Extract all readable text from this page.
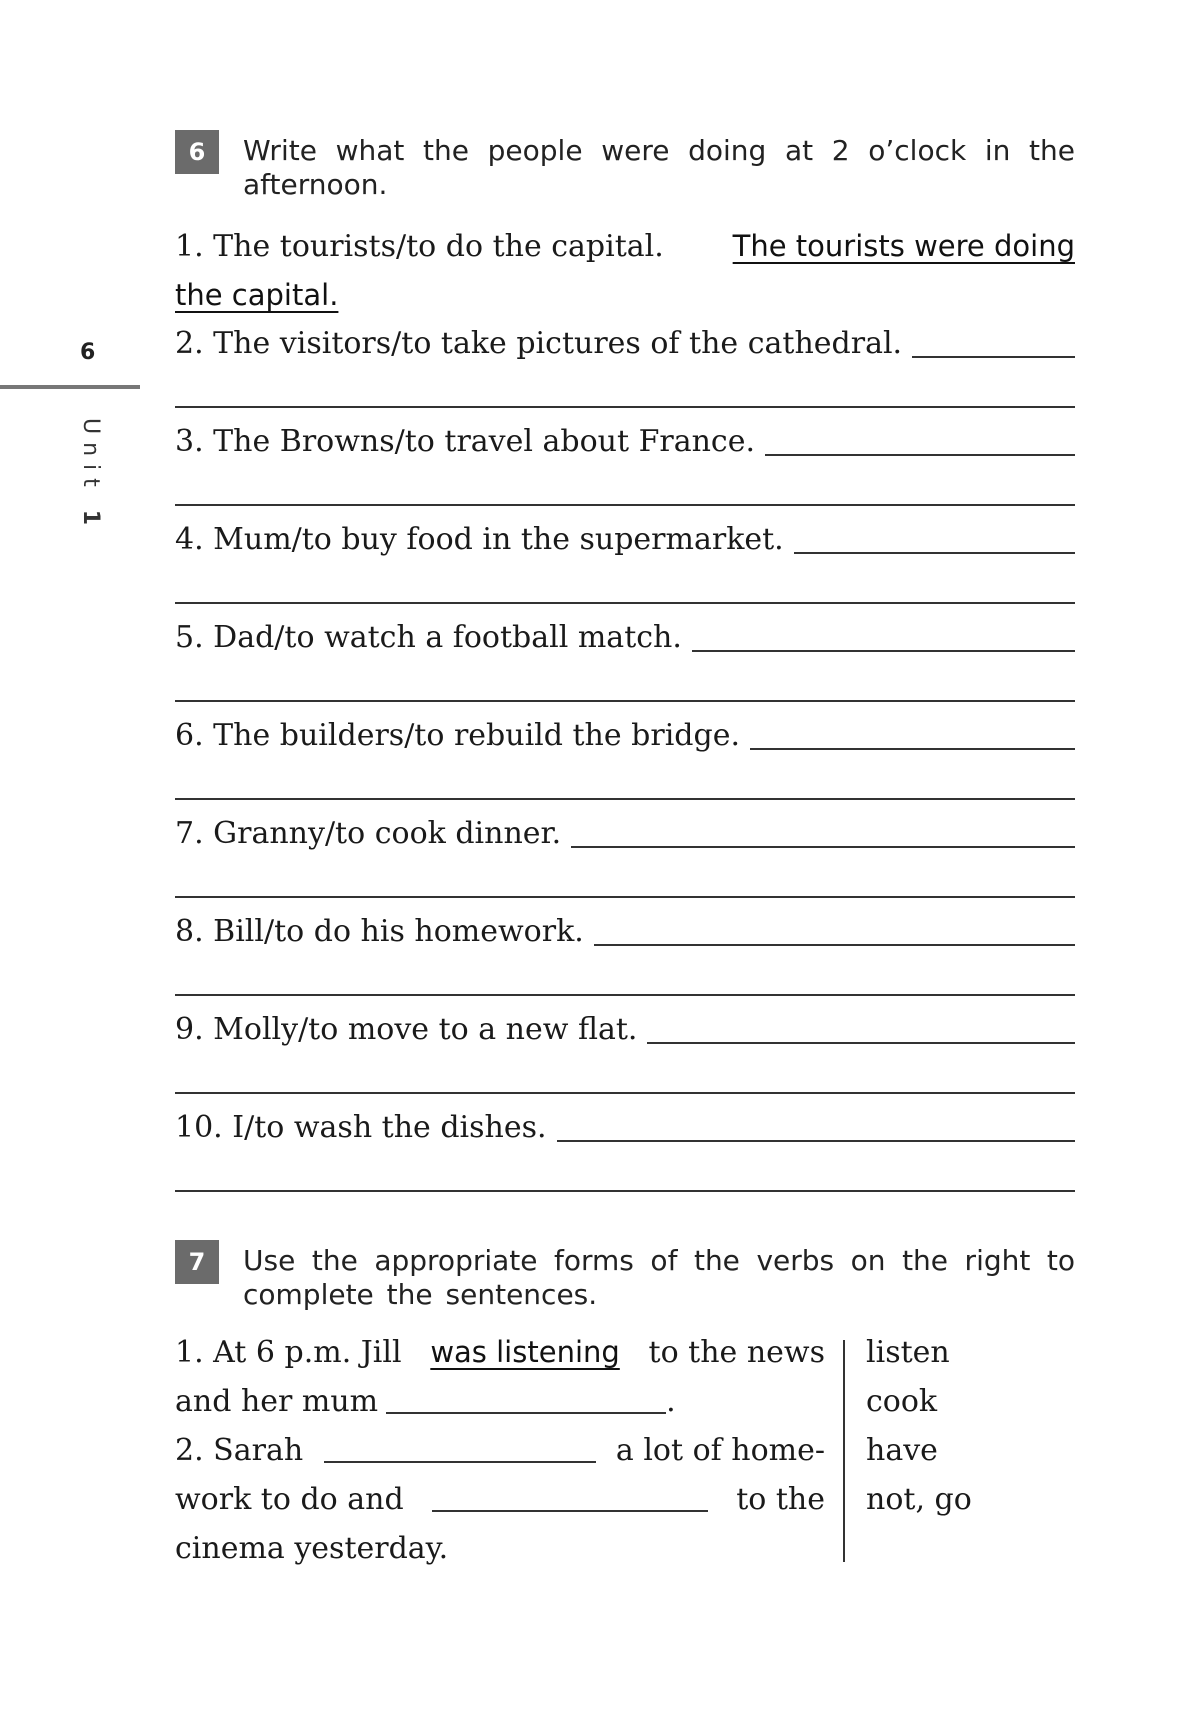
6
Unit 1
6	Write what the people were doing at 2 o’clock in the afternoon.
1. The tourists/to do the capital. The tourists were doing
the capital.
2. The visitors/to take pictures of the cathedral.
3. The Browns/to travel about France.
4. Mum/to buy food in the supermarket.
5. Dad/to watch a football match.
6. The builders/to rebuild the bridge.
7. Granny/to cook dinner.
8. Bill/to do his homework.
9. Molly/to move to a new flat.
10. I/to wash the dishes.
7	Use the appropriate forms of the verbs on the right to complete the sentences.
1. At 6 p.m. Jill was listening to the news
and her mum	.
2. Sarah	a lot of home-
work to do and	to the
cinema yesterday.
listen
cook
have
not, go
